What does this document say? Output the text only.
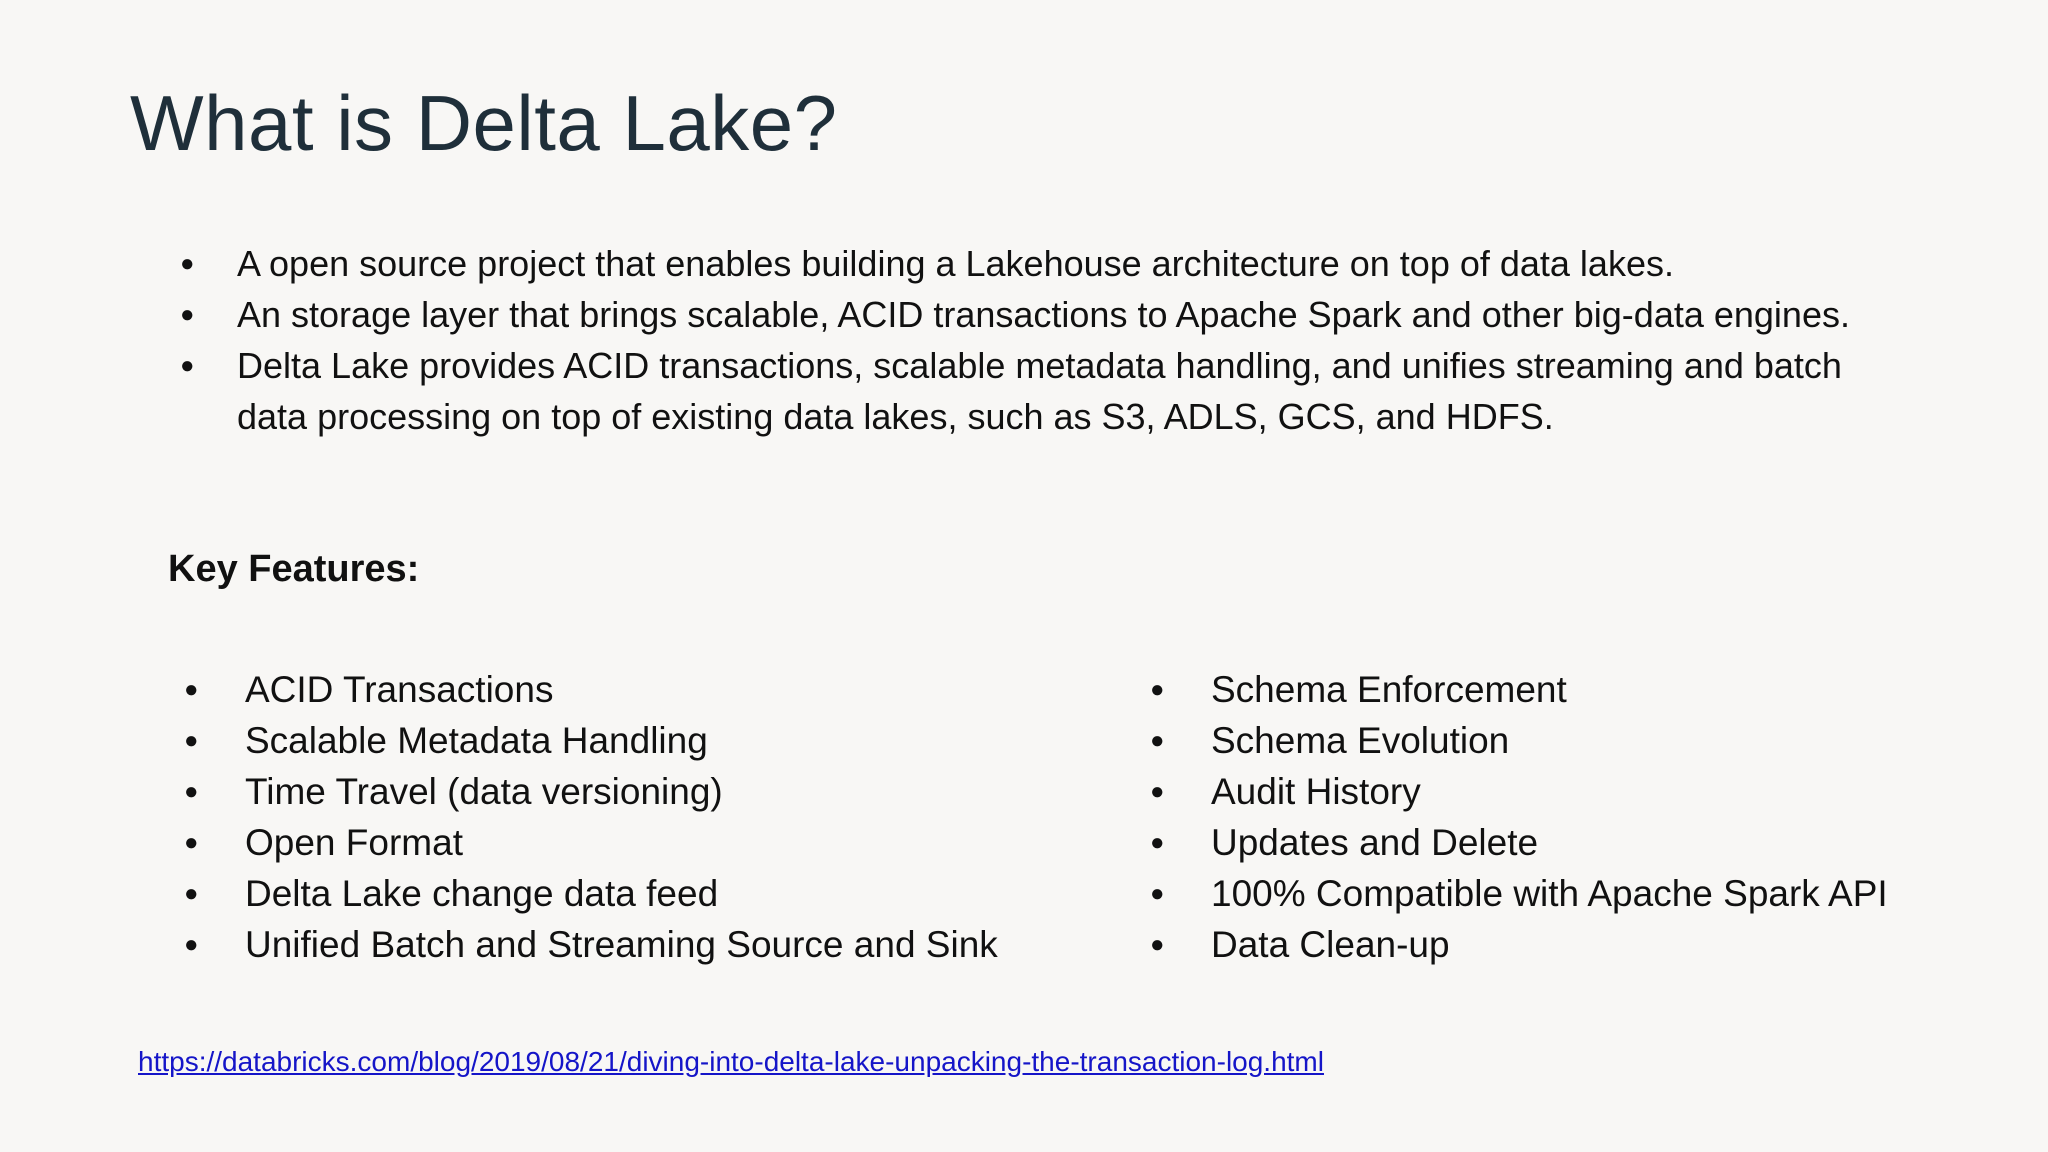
What is Delta Lake?
● A open source project that enables building a Lakehouse architecture on top of data lakes.
● An storage layer that brings scalable, ACID transactions to Apache Spark and other big-data engines.
● Delta Lake provides ACID transactions, scalable metadata handling, and unifies streaming and batch data processing on top of existing data lakes, such as S3, ADLS, GCS, and HDFS.
Key Features:
● ACID Transactions
● Scalable Metadata Handling
● Time Travel (data versioning)
● Open Format
● Delta Lake change data feed
● Unified Batch and Streaming Source and Sink
● Schema Enforcement
● Schema Evolution
● Audit History
● Updates and Delete
● 100% Compatible with Apache Spark API
● Data Clean-up
https://databricks.com/blog/2019/08/21/diving-into-delta-lake-unpacking-the-transaction-log.html
